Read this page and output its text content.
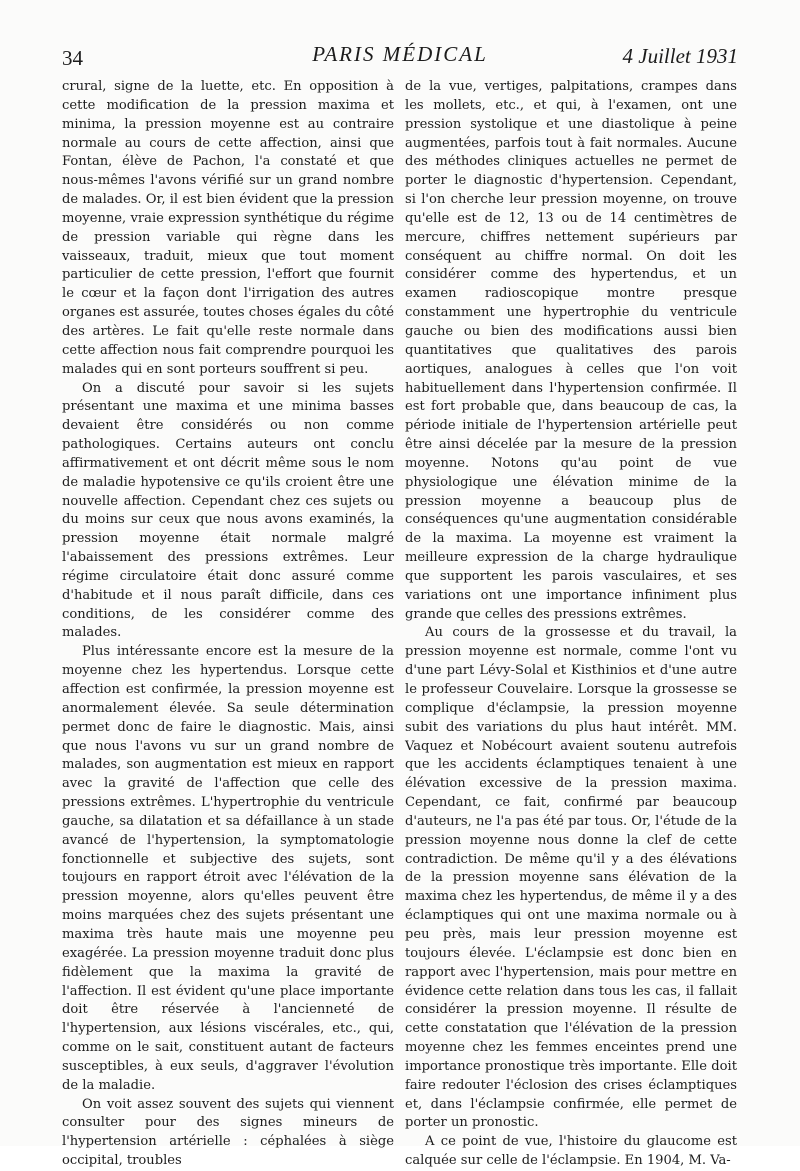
34	PARIS MÉDICAL	4 Juillet 1931

crural, signe de la luette, etc. En opposition à cette modification de la pression maxima et minima, la pression moyenne est au contraire normale au cours de cette affection, ainsi que Fontan, élève de Pachon, l'a constaté et que nous-mêmes l'avons vérifié sur un grand nombre de malades. Or, il est bien évident que la pression moyenne, vraie expression synthétique du régime de pression variable qui règne dans les vaisseaux, traduit, mieux que tout moment particulier de cette pression, l'effort que fournit le cœur et la façon dont l'irrigation des autres organes est assurée, toutes choses égales du côté des artères. Le fait qu'elle reste normale dans cette affection nous fait comprendre pourquoi les malades qui en sont porteurs souffrent si peu.

On a discuté pour savoir si les sujets présentant une maxima et une minima basses devaient être considérés ou non comme pathologiques. Certains auteurs ont conclu affirmativement et ont décrit même sous le nom de maladie hypotensive ce qu'ils croient être une nouvelle affection. Cependant chez ces sujets ou du moins sur ceux que nous avons examinés, la pression moyenne était normale malgré l'abaissement des pressions extrêmes. Leur régime circulatoire était donc assuré comme d'habitude et il nous paraît difficile, dans ces conditions, de les considérer comme des malades.

Plus intéressante encore est la mesure de la moyenne chez les hypertendus. Lorsque cette affection est confirmée, la pression moyenne est anormalement élevée. Sa seule détermination permet donc de faire le diagnostic. Mais, ainsi que nous l'avons vu sur un grand nombre de malades, son augmentation est mieux en rapport avec la gravité de l'affection que celle des pressions extrêmes. L'hypertrophie du ventricule gauche, sa dilatation et sa défaillance à un stade avancé de l'hypertension, la symptomatologie fonctionnelle et subjective des sujets, sont toujours en rapport étroit avec l'élévation de la pression moyenne, alors qu'elles peuvent être moins marquées chez des sujets présentant une maxima très haute mais une moyenne peu exagérée. La pression moyenne traduit donc plus fidèlement que la maxima la gravité de l'affection. Il est évident qu'une place importante doit être réservée à l'ancienneté de l'hypertension, aux lésions viscérales, etc., qui, comme on le sait, constituent autant de facteurs susceptibles, à eux seuls, d'aggraver l'évolution de la maladie.

On voit assez souvent des sujets qui viennent consulter pour des signes mineurs de l'hypertension artérielle : céphalées à siège occipital, troubles

de la vue, vertiges, palpitations, crampes dans les mollets, etc., et qui, à l'examen, ont une pression systolique et une diastolique à peine augmentées, parfois tout à fait normales. Aucune des méthodes cliniques actuelles ne permet de porter le diagnostic d'hypertension. Cependant, si l'on cherche leur pression moyenne, on trouve qu'elle est de 12, 13 ou de 14 centimètres de mercure, chiffres nettement supérieurs par conséquent au chiffre normal. On doit les considérer comme des hypertendus, et un examen radioscopique montre presque constamment une hypertrophie du ventricule gauche ou bien des modifications aussi bien quantitatives que qualitatives des parois aortiques, analogues à celles que l'on voit habituellement dans l'hypertension confirmée. Il est fort probable que, dans beaucoup de cas, la période initiale de l'hypertension artérielle peut être ainsi décelée par la mesure de la pression moyenne. Notons qu'au point de vue physiologique une élévation minime de la pression moyenne a beaucoup plus de conséquences qu'une augmentation considérable de la maxima. La moyenne est vraiment la meilleure expression de la charge hydraulique que supportent les parois vasculaires, et ses variations ont une importance infiniment plus grande que celles des pressions extrêmes.

Au cours de la grossesse et du travail, la pression moyenne est normale, comme l'ont vu d'une part Lévy-Solal et Kisthinios et d'une autre le professeur Couvelaire. Lorsque la grossesse se complique d'éclampsie, la pression moyenne subit des variations du plus haut intérêt. MM. Vaquez et Nobécourt avaient soutenu autrefois que les accidents éclamptiques tenaient à une élévation excessive de la pression maxima. Cependant, ce fait, confirmé par beaucoup d'auteurs, ne l'a pas été par tous. Or, l'étude de la pression moyenne nous donne la clef de cette contradiction. De même qu'il y a des élévations de la pression moyenne sans élévation de la maxima chez les hypertendus, de même il y a des éclamptiques qui ont une maxima normale ou à peu près, mais leur pression moyenne est toujours élevée. L'éclampsie est donc bien en rapport avec l'hypertension, mais pour mettre en évidence cette relation dans tous les cas, il fallait considérer la pression moyenne. Il résulte de cette constatation que l'élévation de la pression moyenne chez les femmes enceintes prend une importance pronostique très importante. Elle doit faire redouter l'éclosion des crises éclamptiques et, dans l'éclampsie confirmée, elle permet de porter un pronostic.

A ce point de vue, l'histoire du glaucome est calquée sur celle de l'éclampsie. En 1904, M. Va-
